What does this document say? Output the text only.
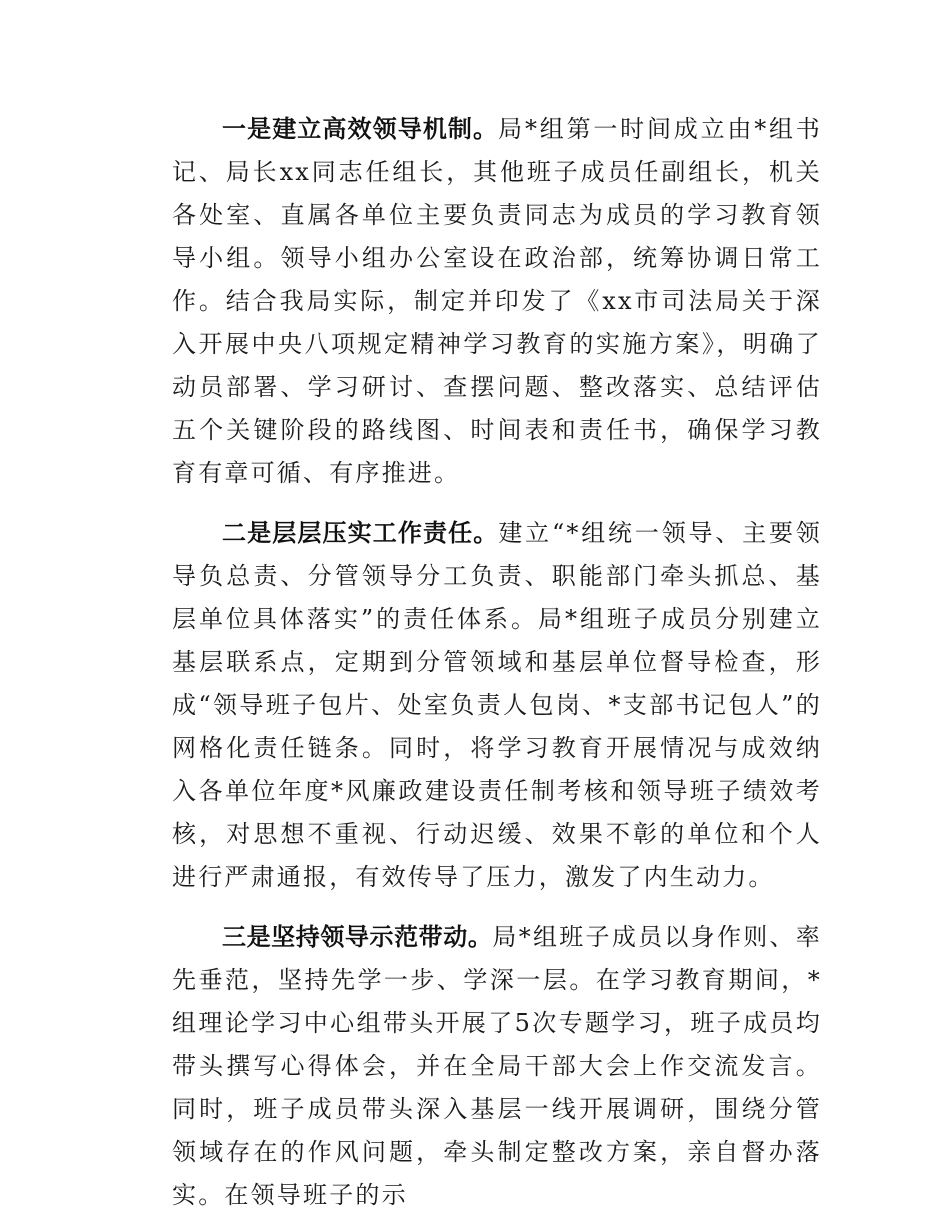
一是建立高效领导机制。局*组第一时间成立由*组书记、局长xx同志任组长，其他班子成员任副组长，机关各处室、直属各单位主要负责同志为成员的学习教育领导小组。领导小组办公室设在政治部，统筹协调日常工作。结合我局实际，制定并印发了《xx市司法局关于深入开展中央八项规定精神学习教育的实施方案》，明确了动员部署、学习研讨、查摆问题、整改落实、总结评估五个关键阶段的路线图、时间表和责任书，确保学习教育有章可循、有序推进。

二是层层压实工作责任。建立“*组统一领导、主要领导负总责、分管领导分工负责、职能部门牵头抓总、基层单位具体落实”的责任体系。局*组班子成员分别建立基层联系点，定期到分管领域和基层单位督导检查，形成“领导班子包片、处室负责人包岗、*支部书记包人”的网格化责任链条。同时，将学习教育开展情况与成效纳入各单位年度*风廉政建设责任制考核和领导班子绩效考核，对思想不重视、行动迟缓、效果不彰的单位和个人进行严肃通报，有效传导了压力，激发了内生动力。

三是坚持领导示范带动。局*组班子成员以身作则、率先垂范，坚持先学一步、学深一层。在学习教育期间，*组理论学习中心组带头开展了5次专题学习，班子成员均带头撰写心得体会，并在全局干部大会上作交流发言。同时，班子成员带头深入基层一线开展调研，围绕分管领域存在的作风问题，牵头制定整改方案，亲自督办落实。在领导班子的示
